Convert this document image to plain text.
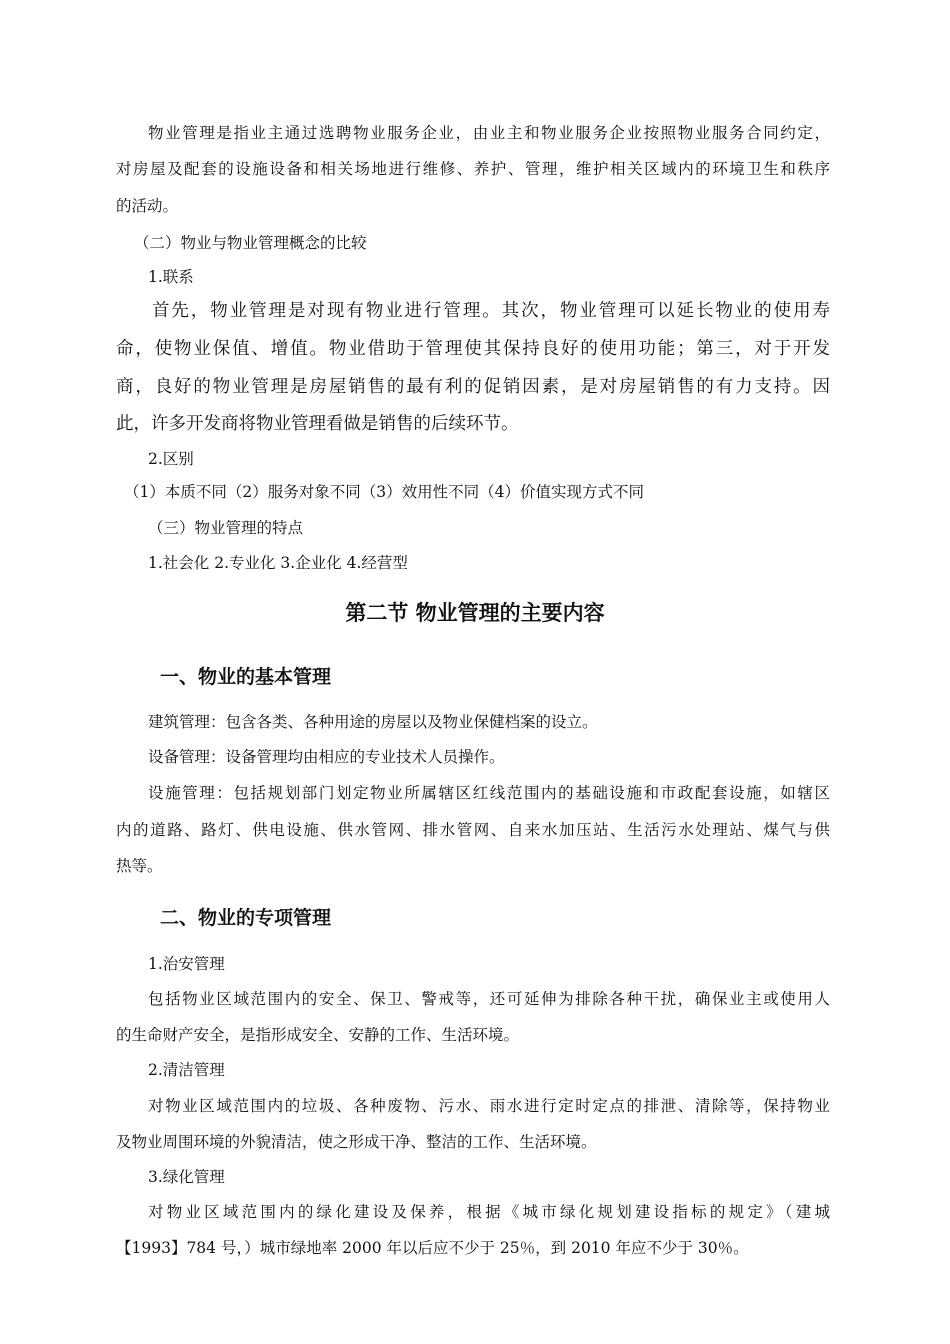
物业管理是指业主通过选聘物业服务企业，由业主和物业服务企业按照物业服务合同约定，
对房屋及配套的设施设备和相关场地进行维修、养护、管理，维护相关区域内的环境卫生和秩序
的活动。
（二）物业与物业管理概念的比较
1.联系
首先，物业管理是对现有物业进行管理。其次，物业管理可以延长物业的使用寿
命，使物业保值、增值。物业借助于管理使其保持良好的使用功能；第三，对于开发
商，良好的物业管理是房屋销售的最有利的促销因素，是对房屋销售的有力支持。因
此，许多开发商将物业管理看做是销售的后续环节。
2.区别
（1）本质不同（2）服务对象不同（3）效用性不同（4）价值实现方式不同
（三）物业管理的特点
1.社会化 2.专业化 3.企业化 4.经营型
第二节 物业管理的主要内容
一、物业的基本管理
建筑管理：包含各类、各种用途的房屋以及物业保健档案的设立。
设备管理：设备管理均由相应的专业技术人员操作。
设施管理：包括规划部门划定物业所属辖区红线范围内的基础设施和市政配套设施，如辖区
内的道路、路灯、供电设施、供水管网、排水管网、自来水加压站、生活污水处理站、煤气与供
热等。
二、物业的专项管理
1.治安管理
包括物业区域范围内的安全、保卫、警戒等，还可延伸为排除各种干扰，确保业主或使用人
的生命财产安全，是指形成安全、安静的工作、生活环境。
2.清洁管理
对物业区域范围内的垃圾、各种废物、污水、雨水进行定时定点的排泄、清除等，保持物业
及物业周围环境的外貌清洁，使之形成干净、整洁的工作、生活环境。
3.绿化管理
对物业区域范围内的绿化建设及保养，根据《城市绿化规划建设指标的规定》（建城
【1993】784 号，）城市绿地率 2000 年以后应不少于 25％，到 2010 年应不少于 30％。
